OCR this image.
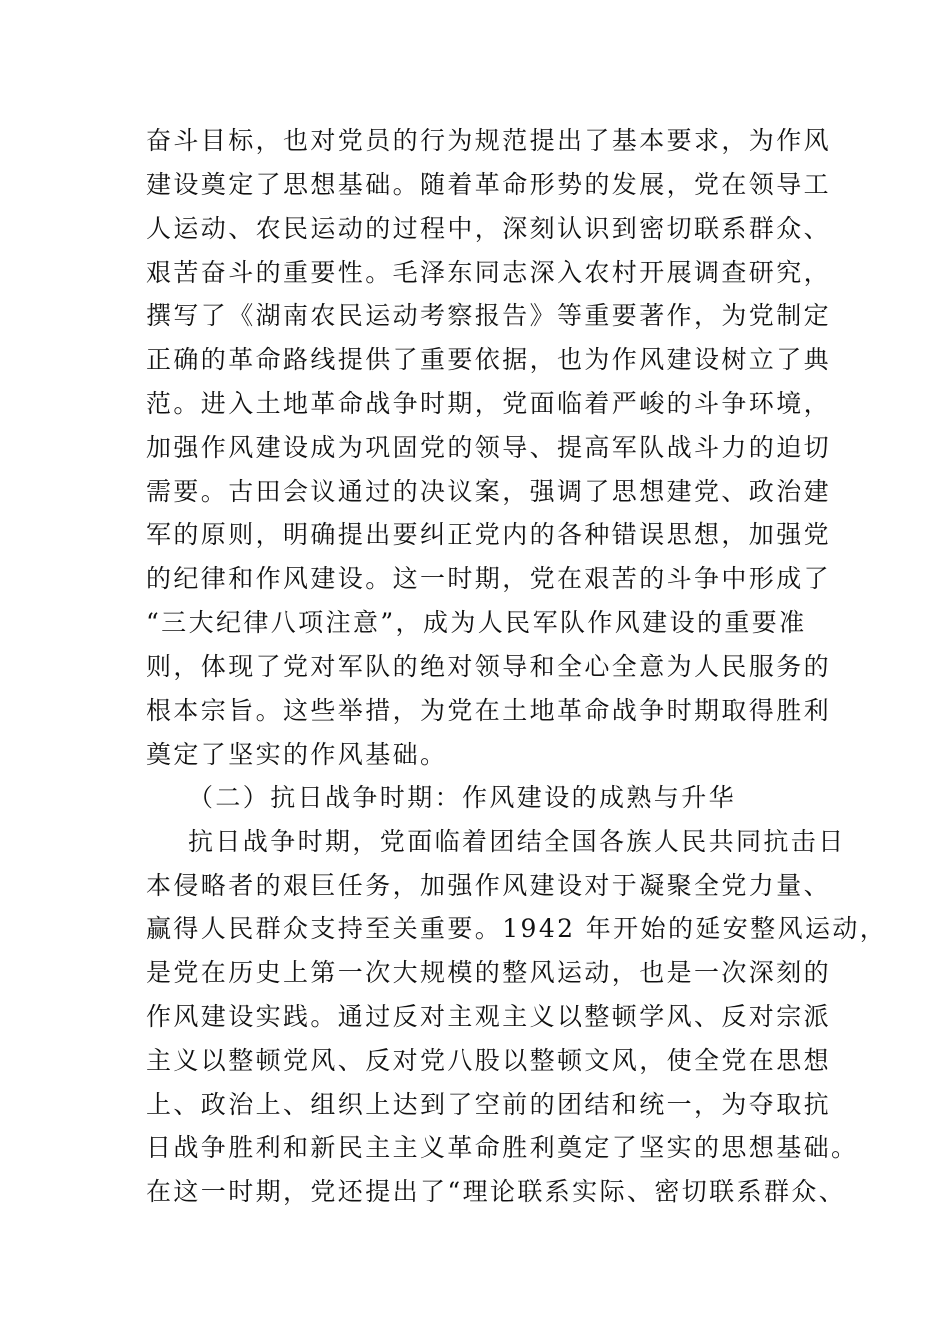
奋斗目标，也对党员的行为规范提出了基本要求，为作风
建设奠定了思想基础。随着革命形势的发展，党在领导工
人运动、农民运动的过程中，深刻认识到密切联系群众、
艰苦奋斗的重要性。毛泽东同志深入农村开展调查研究，
撰写了《湖南农民运动考察报告》等重要著作，为党制定
正确的革命路线提供了重要依据，也为作风建设树立了典
范。进入土地革命战争时期，党面临着严峻的斗争环境，
加强作风建设成为巩固党的领导、提高军队战斗力的迫切
需要。古田会议通过的决议案，强调了思想建党、政治建
军的原则，明确提出要纠正党内的各种错误思想，加强党
的纪律和作风建设。这一时期，党在艰苦的斗争中形成了
“三大纪律八项注意”，成为人民军队作风建设的重要准
则，体现了党对军队的绝对领导和全心全意为人民服务的
根本宗旨。这些举措，为党在土地革命战争时期取得胜利
奠定了坚实的作风基础。
（二）抗日战争时期：作风建设的成熟与升华
抗日战争时期，党面临着团结全国各族人民共同抗击日
本侵略者的艰巨任务，加强作风建设对于凝聚全党力量、
赢得人民群众支持至关重要。1942 年开始的延安整风运动，
是党在历史上第一次大规模的整风运动，也是一次深刻的
作风建设实践。通过反对主观主义以整顿学风、反对宗派
主义以整顿党风、反对党八股以整顿文风，使全党在思想
上、政治上、组织上达到了空前的团结和统一，为夺取抗
日战争胜利和新民主主义革命胜利奠定了坚实的思想基础。
在这一时期，党还提出了“理论联系实际、密切联系群众、
